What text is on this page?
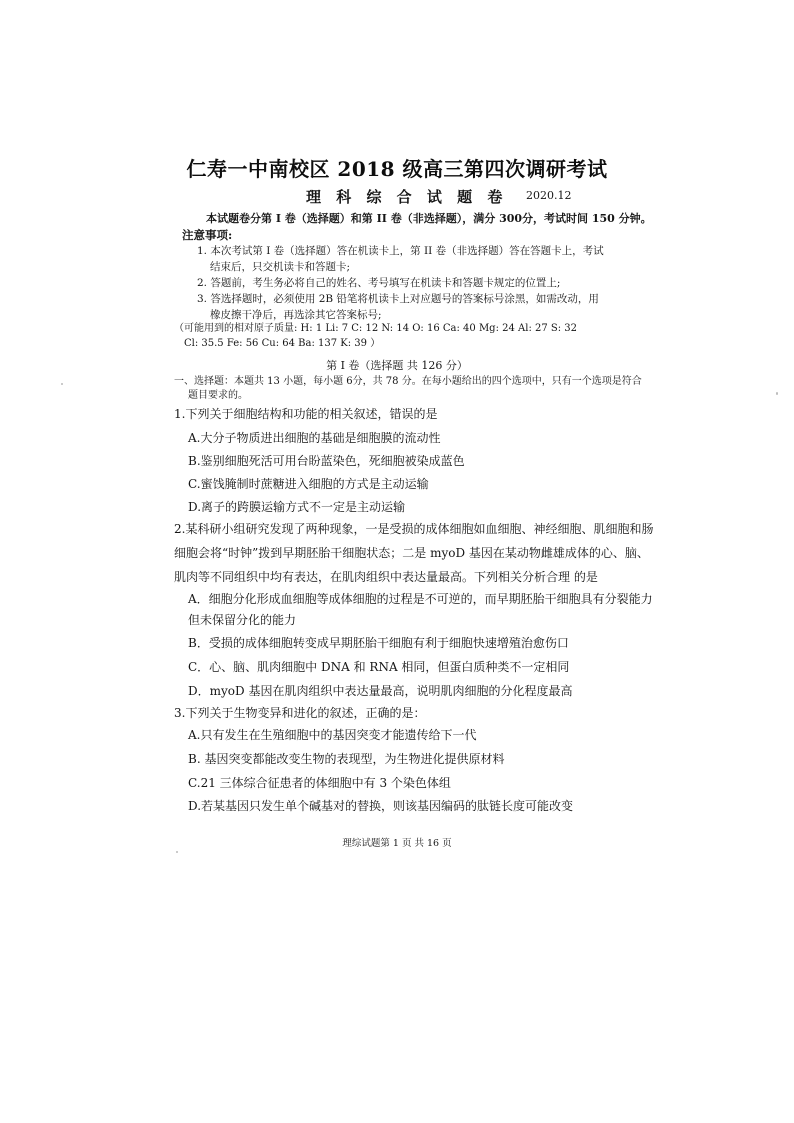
仁寿一中南校区 2018 级高三第四次调研考试
理 科 综 合 试 题 卷 2020.12
本试题卷分第 I 卷（选择题）和第 II 卷（非选择题），满分 300分，考试时间 150 分钟。
注意事项:
1. 本次考试第 I 卷（选择题）答在机读卡上，第 II 卷（非选择题）答在答题卡上，考试
结束后，只交机读卡和答题卡;
2. 答题前，考生务必将自己的姓名、考号填写在机读卡和答题卡规定的位置上;
3. 答选择题时，必须使用 2B 铅笔将机读卡上对应题号的答案标号涂黑，如需改动，用
橡皮擦干净后，再选涂其它答案标号;
（可能用到的相对原子质量: H: 1 Li: 7 C: 12 N: 14 O: 16 Ca: 40 Mg: 24 Al: 27 S: 32
Cl: 35.5 Fe: 56 Cu: 64 Ba: 137 K: 39 ）
第 I 卷（选择题 共 126 分）
一、选择题：本题共 13 小题，每小题 6分，共 78 分。在每小题给出的四个选项中，只有一个选项是符合
题目要求的。
1.下列关于细胞结构和功能的相关叙述，错误的是
A.大分子物质进出细胞的基础是细胞膜的流动性
B.鉴别细胞死活可用台盼蓝染色，死细胞被染成蓝色
C.蜜饯腌制时蔗糖进入细胞的方式是主动运输
D.离子的跨膜运输方式不一定是主动运输
2.某科研小组研究发现了两种现象，一是受损的成体细胞如血细胞、神经细胞、肌细胞和肠
细胞会将“时钟”拨到早期胚胎干细胞状态；二是 myoD 基因在某动物雌雄成体的心、脑、
肌肉等不同组织中均有表达，在肌肉组织中表达量最高。下列相关分析合理 的是
A．细胞分化形成血细胞等成体细胞的过程是不可逆的，而早期胚胎干细胞具有分裂能力
但未保留分化的能力
B．受损的成体细胞转变成早期胚胎干细胞有利于细胞快速增殖治愈伤口
C．心、脑、肌肉细胞中 DNA 和 RNA 相同，但蛋白质种类不一定相同
D．myoD 基因在肌肉组织中表达量最高，说明肌肉细胞的分化程度最高
3.下列关于生物变异和进化的叙述，正确的是：
A.只有发生在生殖细胞中的基因突变才能遗传给下一代
B. 基因突变都能改变生物的表现型，为生物进化提供原材料
C.21 三体综合征患者的体细胞中有 3 个染色体组
D.若某基因只发生单个碱基对的替换，则该基因编码的肽链长度可能改变
理综试题第 1 页 共 16 页
